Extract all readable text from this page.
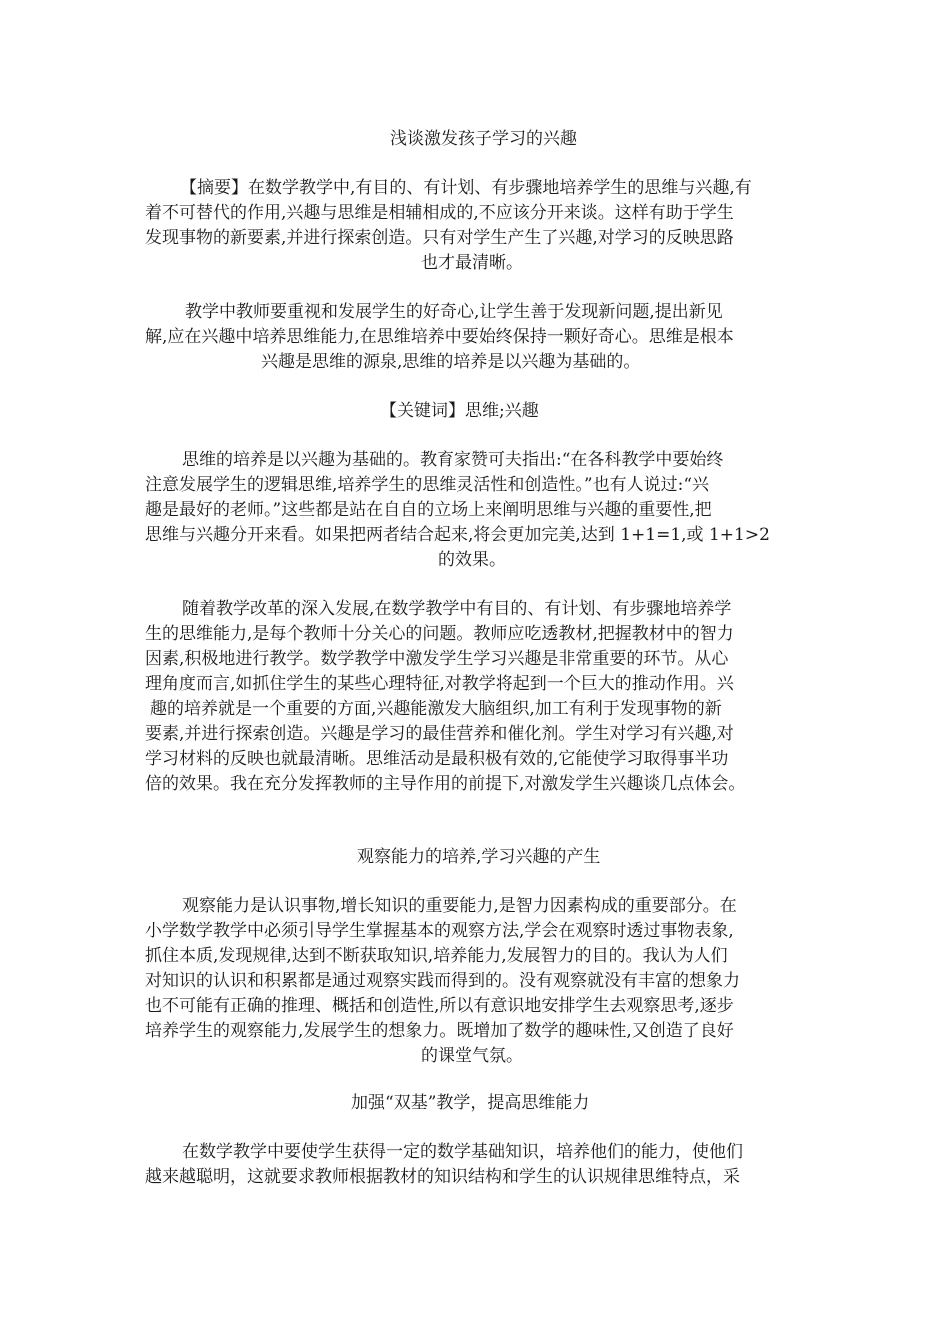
浅谈激发孩子学习的兴趣
【摘要】在数学教学中,有目的、有计划、有步骤地培养学生的思维与兴趣,有
着不可替代的作用,兴趣与思维是相辅相成的,不应该分开来谈。这样有助于学生
发现事物的新要素,并进行探索创造。只有对学生产生了兴趣,对学习的反映思路
也才最清晰。
教学中教师要重视和发展学生的好奇心,让学生善于发现新问题,提出新见
解,应在兴趣中培养思维能力,在思维培养中要始终保持一颗好奇心。思维是根本
兴趣是思维的源泉,思维的培养是以兴趣为基础的。
【关键词】思维;兴趣
思维的培养是以兴趣为基础的。教育家赞可夫指出:“在各科教学中要始终
注意发展学生的逻辑思维,培养学生的思维灵活性和创造性。”也有人说过:“兴
趣是最好的老师。”这些都是站在自自的立场上来阐明思维与兴趣的重要性,把
思维与兴趣分开来看。如果把两者结合起来,将会更加完美,达到 1+1=1,或 1+1>2
的效果。
随着教学改革的深入发展,在数学教学中有目的、有计划、有步骤地培养学
生的思维能力,是每个教师十分关心的问题。教师应吃透教材,把握教材中的智力
因素,积极地进行教学。数学教学中激发学生学习兴趣是非常重要的环节。从心
理角度而言,如抓住学生的某些心理特征,对教学将起到一个巨大的推动作用。兴
趣的培养就是一个重要的方面,兴趣能激发大脑组织,加工有利于发现事物的新
要素,并进行探索创造。兴趣是学习的最佳营养和催化剂。学生对学习有兴趣,对
学习材料的反映也就最清晰。思维活动是最积极有效的,它能使学习取得事半功
倍的效果。我在充分发挥教师的主导作用的前提下,对激发学生兴趣谈几点体会。
观察能力的培养,学习兴趣的产生
观察能力是认识事物,增长知识的重要能力,是智力因素构成的重要部分。在
小学数学教学中必须引导学生掌握基本的观察方法,学会在观察时透过事物表象,
抓住本质,发现规律,达到不断获取知识,培养能力,发展智力的目的。我认为人们
对知识的认识和积累都是通过观察实践而得到的。没有观察就没有丰富的想象力
也不可能有正确的推理、概括和创造性,所以有意识地安排学生去观察思考,逐步
培养学生的观察能力,发展学生的想象力。既增加了数学的趣味性,又创造了良好
的课堂气氛。
加强“双基”教学，提高思维能力
在数学教学中要使学生获得一定的数学基础知识，培养他们的能力，使他们
越来越聪明，这就要求教师根据教材的知识结构和学生的认识规律思维特点，采
